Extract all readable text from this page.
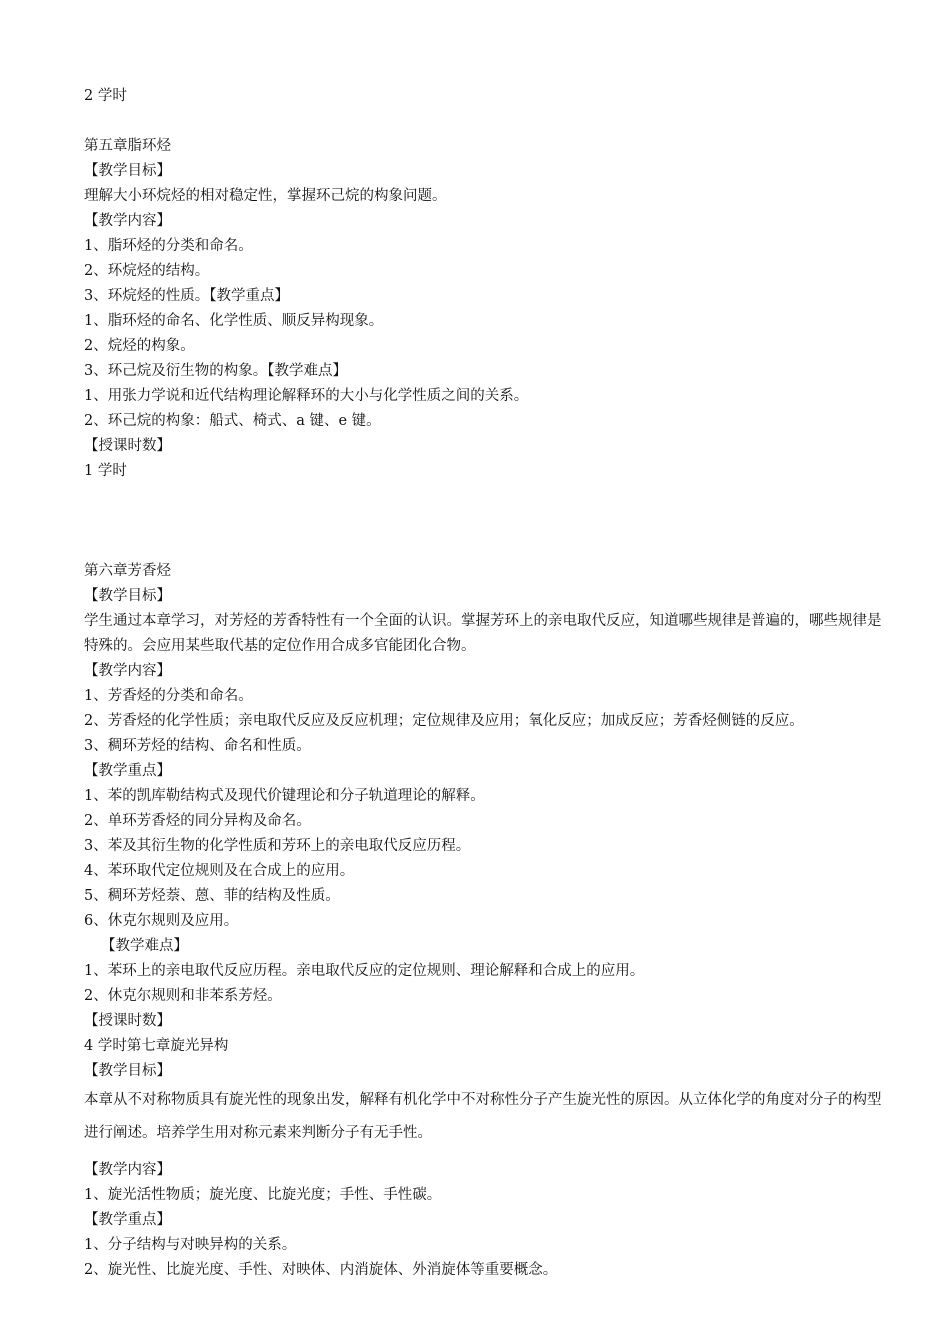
2 学时
第五章脂环烃
【教学目标】
理解大小环烷烃的相对稳定性，掌握环己烷的构象问题。
【教学内容】
1、脂环烃的分类和命名。
2、环烷烃的结构。
3、环烷烃的性质。【教学重点】
1、脂环烃的命名、化学性质、顺反异构现象。
2、烷烃的构象。
3、环己烷及衍生物的构象。【教学难点】
1、用张力学说和近代结构理论解释环的大小与化学性质之间的关系。
2、环己烷的构象：船式、椅式、a 键、e 键。
【授课时数】
1 学时
第六章芳香烃
【教学目标】
学生通过本章学习，对芳烃的芳香特性有一个全面的认识。掌握芳环上的亲电取代反应，知道哪些规律是普遍的，哪些规律是特殊的。会应用某些取代基的定位作用合成多官能团化合物。
【教学内容】
1、芳香烃的分类和命名。
2、芳香烃的化学性质；亲电取代反应及反应机理；定位规律及应用；氧化反应；加成反应；芳香烃侧链的反应。
3、稠环芳烃的结构、命名和性质。
【教学重点】
1、苯的凯库勒结构式及现代价键理论和分子轨道理论的解释。
2、单环芳香烃的同分异构及命名。
3、苯及其衍生物的化学性质和芳环上的亲电取代反应历程。
4、苯环取代定位规则及在合成上的应用。
5、稠环芳烃萘、蒽、菲的结构及性质。
6、休克尔规则及应用。
【教学难点】
1、苯环上的亲电取代反应历程。亲电取代反应的定位规则、理论解释和合成上的应用。
2、休克尔规则和非苯系芳烃。
【授课时数】
4 学时第七章旋光异构
【教学目标】
本章从不对称物质具有旋光性的现象出发，解释有机化学中不对称性分子产生旋光性的原因。从立体化学的角度对分子的构型进行阐述。培养学生用对称元素来判断分子有无手性。
【教学内容】
1、旋光活性物质；旋光度、比旋光度；手性、手性碳。
【教学重点】
1、分子结构与对映异构的关系。
2、旋光性、比旋光度、手性、对映体、内消旋体、外消旋体等重要概念。
